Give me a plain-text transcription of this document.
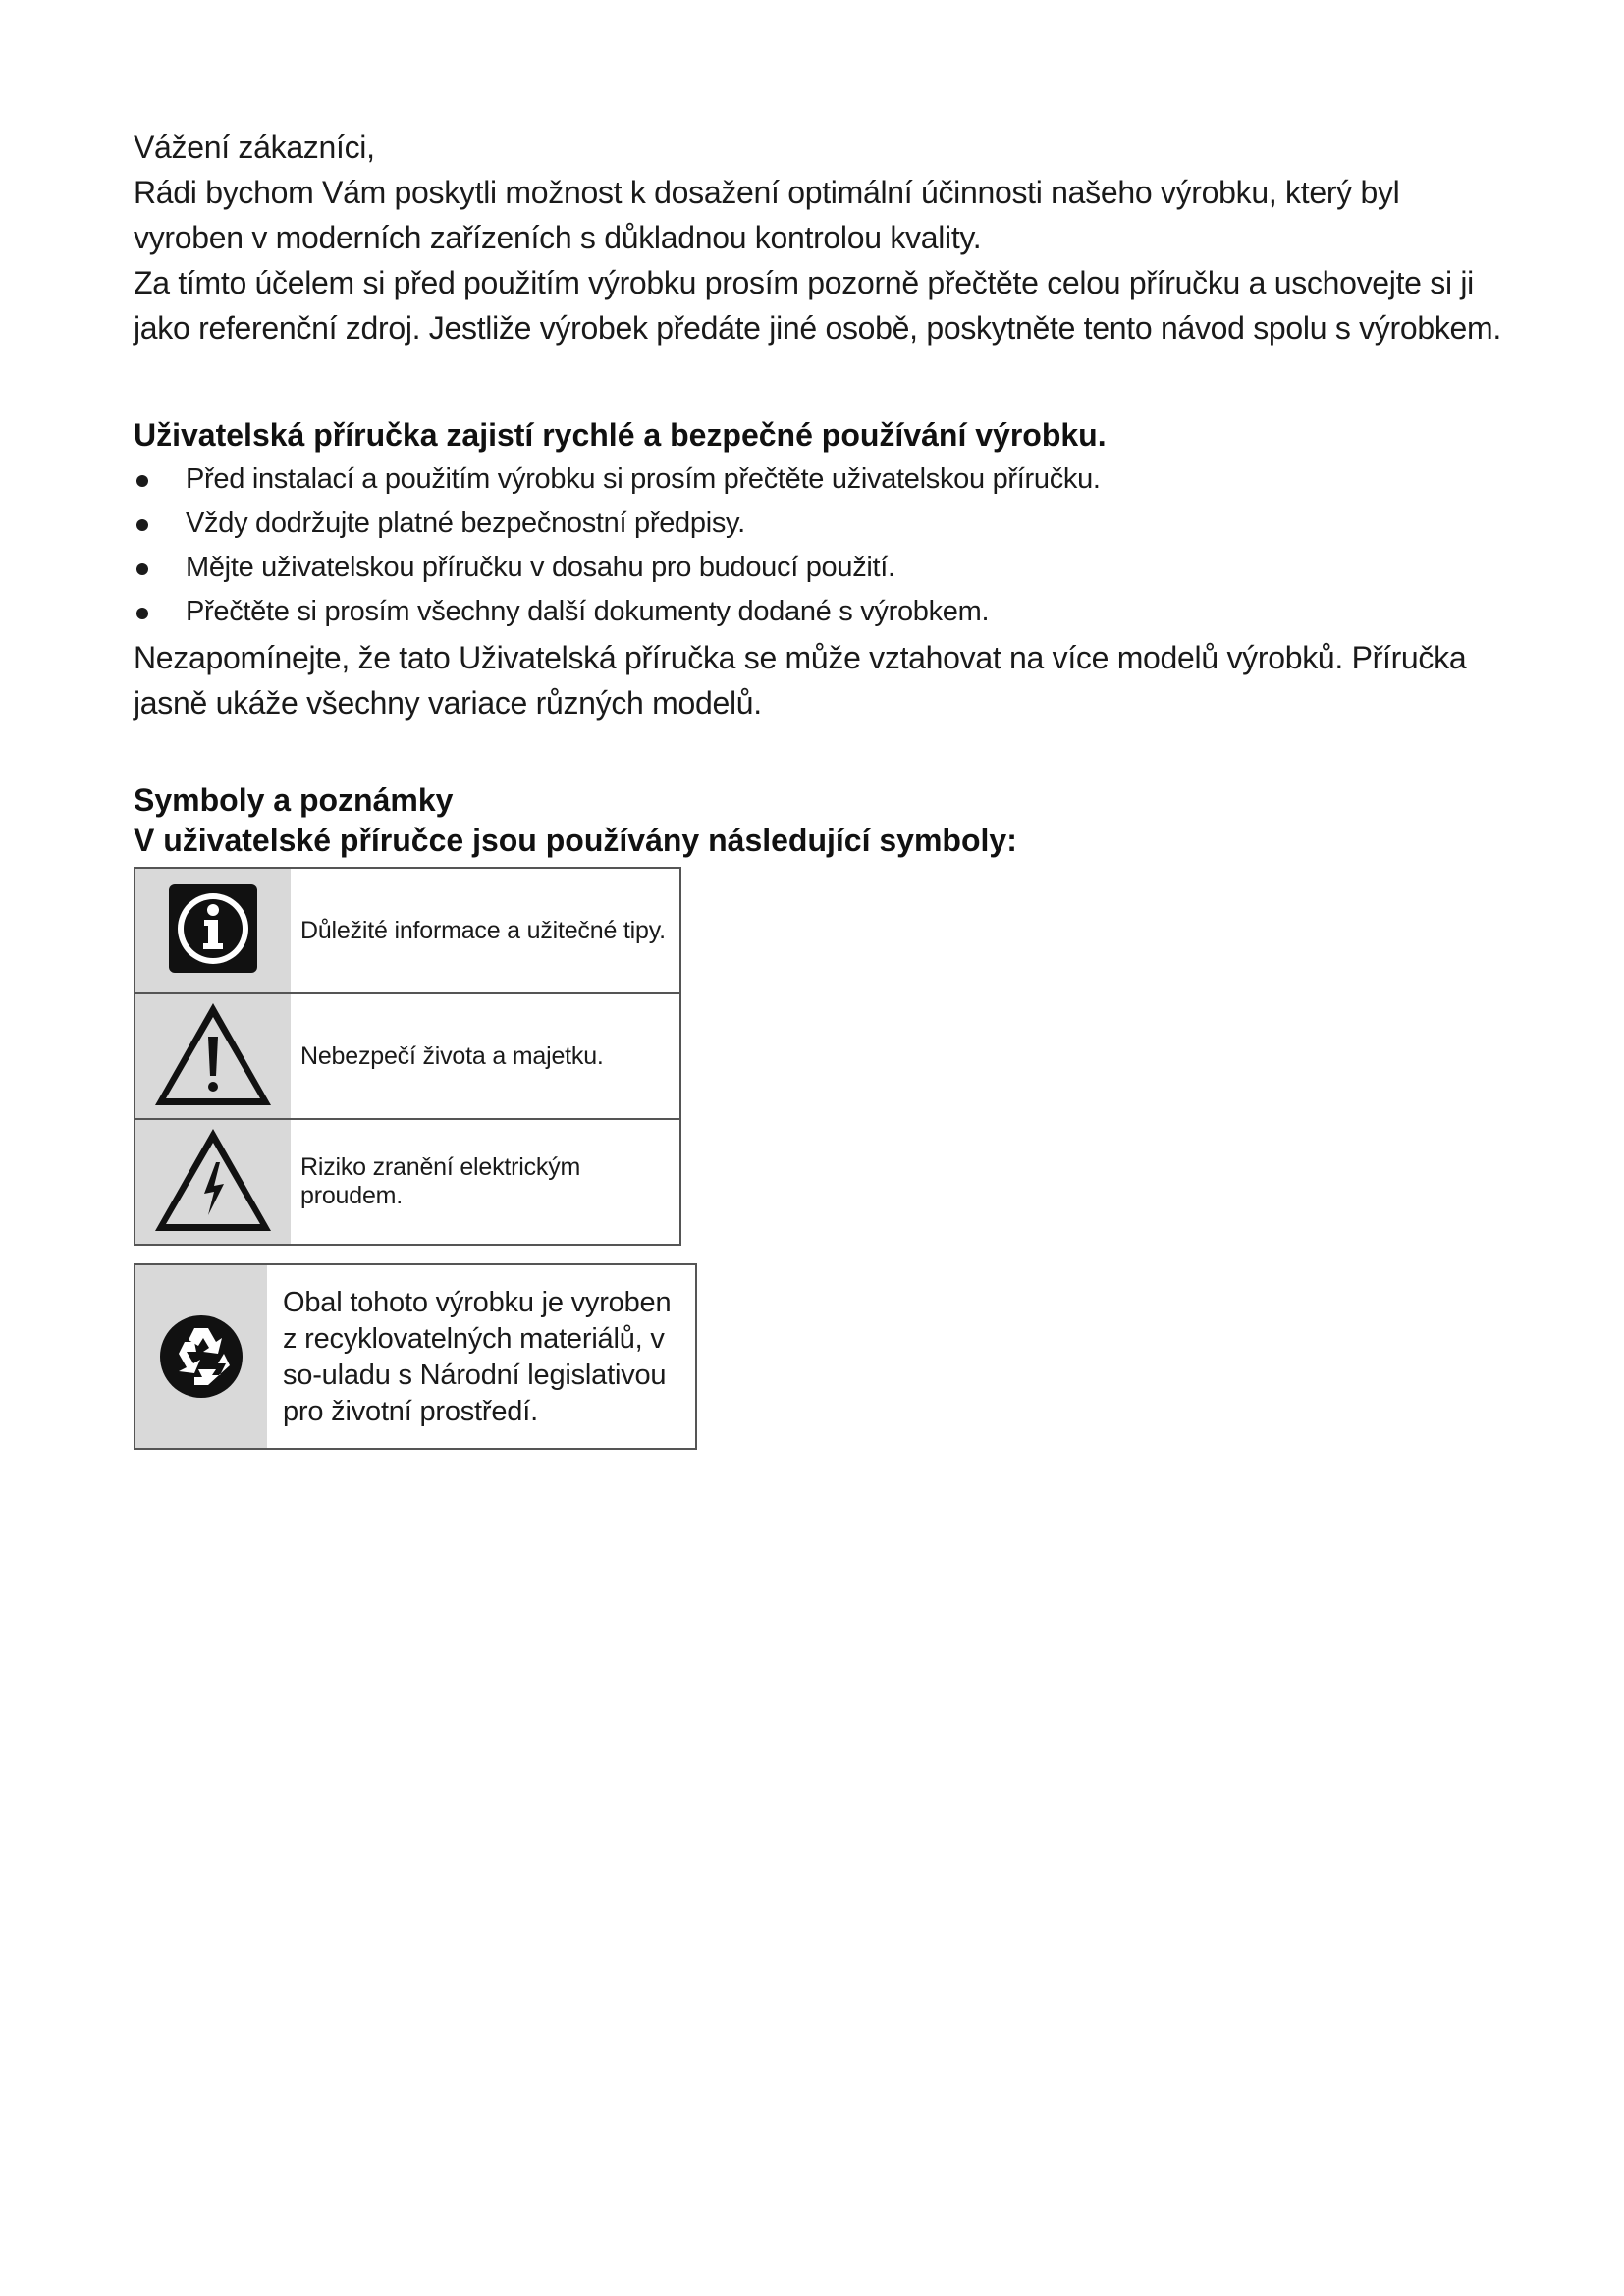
Vážení zákazníci,

Rádi bychom Vám poskytli možnost k dosažení optimální účinnosti našeho výrobku, který byl vyroben v moderních zařízeních s důkladnou kontrolou kvality.

Za tímto účelem si před použitím výrobku prosím pozorně přečtěte celou příručku a uschovejte si ji jako referenční zdroj. Jestliže výrobek předáte jiné osobě, poskytněte tento návod spolu s výrobkem.

Uživatelská příručka zajistí rychlé a bezpečné používání výrobku.
Před instalací a použitím výrobku si prosím přečtěte uživatelskou příručku.
Vždy dodržujte platné bezpečnostní předpisy.
Mějte uživatelskou příručku v dosahu pro budoucí použití.
Přečtěte si prosím všechny další dokumenty dodané s výrobkem.

Nezapomínejte, že tato Uživatelská příručka se může vztahovat na více modelů výrobků. Příručka jasně ukáže všechny variace různých modelů.

Symboly a poznámky
V uživatelské příručce jsou používány následující symboly:
	Důležité informace a užitečné tipy.
	Nebezpečí života a majetku.
	Riziko zranění elektrickým proudem.
Obal tohoto výrobku je vyroben z recyklovatelných materiálů, v so-uladu s Národní legislativou pro životní prostředí.
